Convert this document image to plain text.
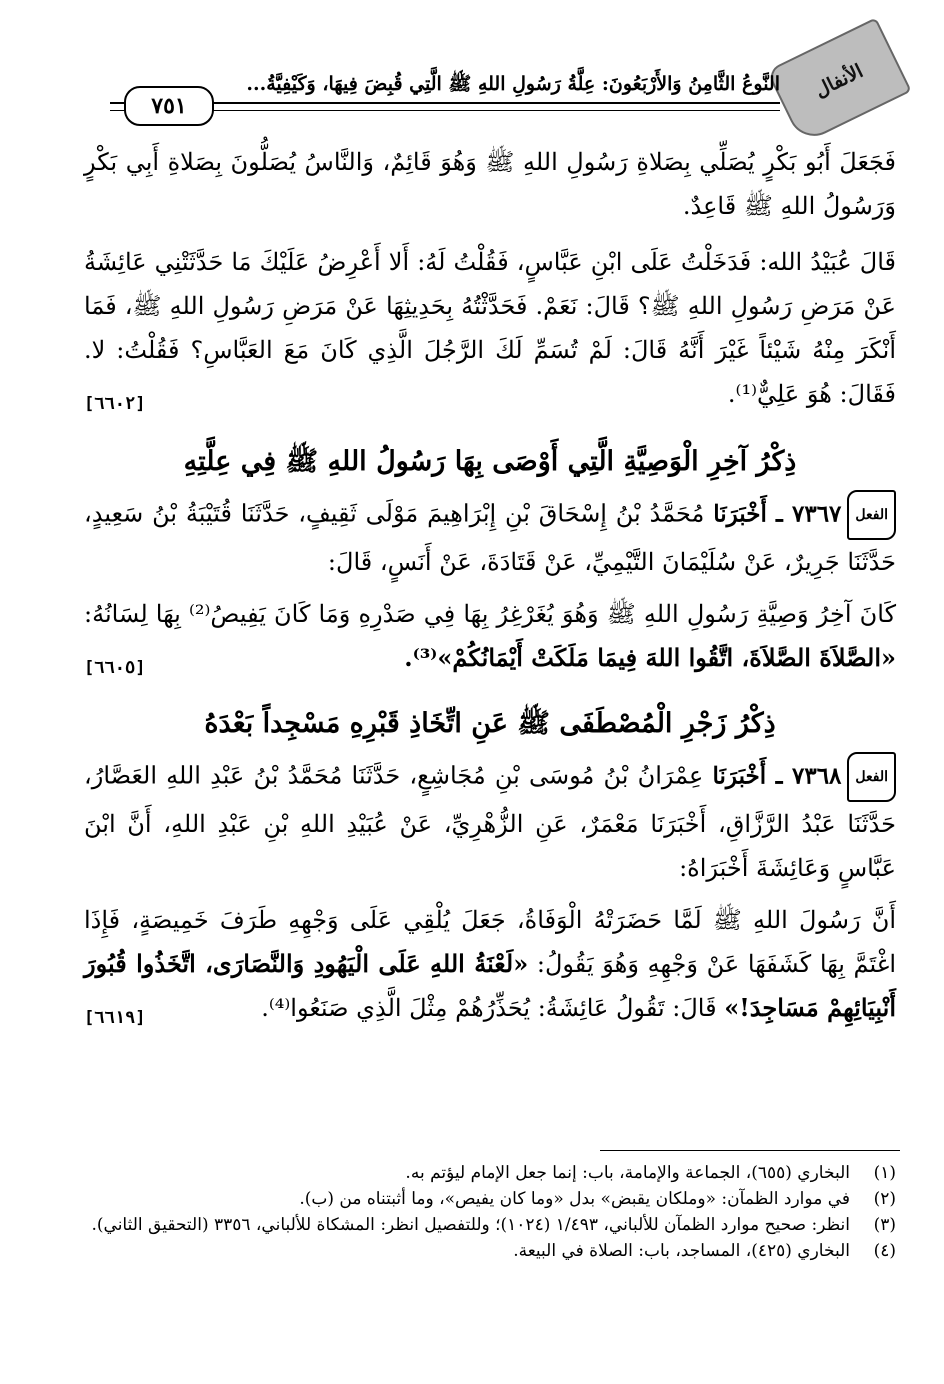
الأنفال
النَّوعُ الثَّامِنُ وَالأَرْبَعُونَ: عِلَّةُ رَسُولِ اللهِ ﷺ الَّتِي قُبِضَ فِيهَا، وَكَيْفِيَّةُ...
٧٥١

فَجَعَلَ أَبُو بَكْرٍ يُصَلِّي بِصَلاةِ رَسُولِ اللهِ ﷺ وَهُوَ قَائِمٌ، وَالنَّاسُ يُصَلُّونَ بِصَلاةِ أَبِي بَكْرٍ وَرَسُولُ اللهِ ﷺ قَاعِدٌ.

قَالَ عُبَيْدُ الله: فَدَخَلْتُ عَلَى ابْنِ عَبَّاسٍ، فَقُلْتُ لَهُ: أَلا أَعْرِضُ عَلَيْكَ مَا حَدَّثَتْنِي عَائِشَةُ عَنْ مَرَضِ رَسُولِ اللهِ ﷺ؟ قَالَ: نَعَمْ. فَحَدَّثْتُهُ بِحَدِيثِهَا عَنْ مَرَضِ رَسُولِ اللهِ ﷺ، فَمَا أَنْكَرَ مِنْهُ شَيْئاً غَيْرَ أَنَّهُ قَالَ: لَمْ تُسَمِّ لَكَ الرَّجُلَ الَّذِي كَانَ مَعَ العَبَّاسِ؟ فَقُلْتُ: لا. فَقَالَ: هُوَ عَلِيٌّ⁽¹⁾.

[٦٦٠٢]

ذِكْرُ آخِرِ الْوَصِيَّةِ الَّتِي أَوْصَى بِهَا رَسُولُ اللهِ ﷺ فِي عِلَّتِهِ

الفعل٧٣٦٧ ـ أَخْبَرَنَا مُحَمَّدُ بْنُ إِسْحَاقَ بْنِ إِبْرَاهِيمَ مَوْلَى ثَقِيفٍ، حَدَّثَنَا قُتَيْبَةُ بْنُ سَعِيدٍ، حَدَّثَنَا جَرِيرٌ، عَنْ سُلَيْمَانَ التَّيْمِيِّ، عَنْ قَتَادَةَ، عَنْ أَنَسٍ، قَالَ:

كَانَ آخِرُ وَصِيَّةِ رَسُولِ اللهِ ﷺ وَهُوَ يُغَرْغِرُ بِهَا فِي صَدْرِهِ وَمَا كَانَ يَفِيصُ⁽²⁾ بِهَا لِسَانُهُ: «الصَّلاَةَ الصَّلاَةَ، اتَّقُوا اللهَ فِيمَا مَلَكَتْ أَيْمَانُكُمْ»⁽³⁾.

[٦٦٠٥]

ذِكْرُ زَجْرِ الْمُصْطَفَى ﷺ عَنِ اتِّخَاذِ قَبْرِهِ مَسْجِداً بَعْدَهُ

الفعل٧٣٦٨ ـ أَخْبَرَنَا عِمْرَانُ بْنُ مُوسَى بْنِ مُجَاشِعٍ، حَدَّثَنَا مُحَمَّدُ بْنُ عَبْدِ اللهِ العَصَّارُ، حَدَّثَنَا عَبْدُ الرَّزَّاقِ، أَخْبَرَنَا مَعْمَرٌ، عَنِ الزُّهْرِيِّ، عَنْ عُبَيْدِ اللهِ بْنِ عَبْدِ اللهِ، أَنَّ ابْنَ عَبَّاسٍ وَعَائِشَةَ أَخْبَرَاهُ:

أَنَّ رَسُولَ اللهِ ﷺ لَمَّا حَضَرَتْهُ الْوَفَاةُ، جَعَلَ يُلْقِي عَلَى وَجْهِهِ طَرَفَ خَمِيصَةٍ، فَإِذَا اغْتَمَّ بِهَا كَشَفَهَا عَنْ وَجْهِهِ وَهُوَ يَقُولُ: «لَعْنَةُ اللهِ عَلَى الْيَهُودِ وَالنَّصَارَى، اتَّخَذُوا قُبُورَ أَنْبِيَائِهِمْ مَسَاجِدَ!» قَالَ: تَقُولُ عَائِشَةُ: يُحَذِّرُهُمْ مِثْلَ الَّذِي صَنَعُوا⁽⁴⁾.

[٦٦١٩]

(١)
البخاري (٦٥٥)، الجماعة والإمامة، باب: إنما جعل الإمام ليؤتم به.

(٢)
في موارد الظمآن: «وملكان يقبض» بدل «وما كان يفيص»، وما أثبتناه من (ب).

(٣)
انظر: صحيح موارد الظمآن للألباني، ١/٤٩٣ (١٠٢٤)؛ وللتفصيل انظر: المشكاة للألباني، ٣٣٥٦ (التحقيق الثاني).

(٤)
البخاري (٤٢٥)، المساجد، باب: الصلاة في البيعة.
